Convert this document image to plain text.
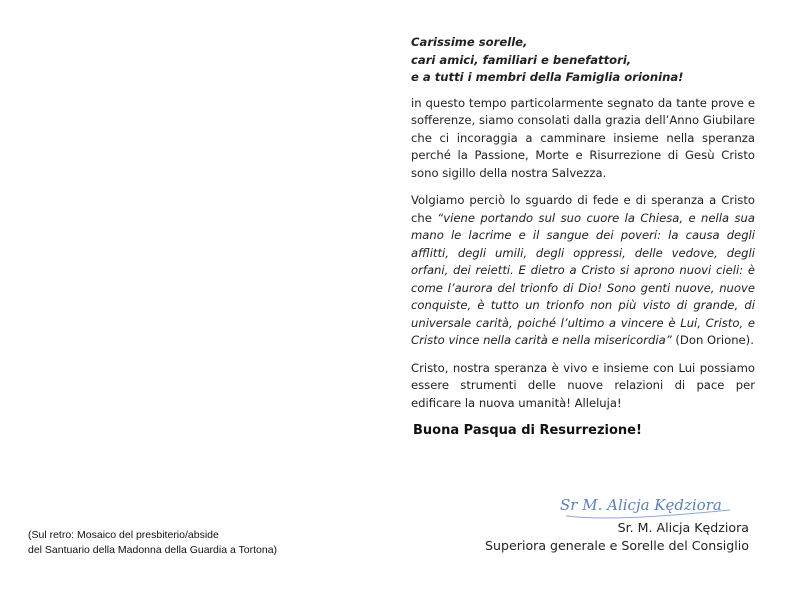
(Sul retro: Mosaico del presbiterio/abside
del Santuario della Madonna della Guardia a Tortona)
Carissime sorelle,
cari amici, familiari e benefattori,
e a tutti i membri della Famiglia orionina!

in questo tempo particolarmente segnato da tante prove e sofferenze, siamo consolati dalla grazia dell’Anno Giubilare che ci incoraggia a camminare insieme nella speranza perché la Passione, Morte e Risurrezione di Gesù Cristo sono sigillo della nostra Salvezza.

Volgiamo perciò lo sguardo di fede e di speranza a Cristo che “viene portando sul suo cuore la Chiesa, e nella sua mano le lacrime e il sangue dei poveri: la causa degli afflitti, degli umili, degli oppressi, delle vedove, degli orfani, dei reietti. E dietro a Cristo si aprono nuovi cieli: è come l’aurora del trionfo di Dio! Sono genti nuove, nuove conquiste, è tutto un trionfo non più visto di grande, di universale carità, poiché l’ultimo a vincere è Lui, Cristo, e Cristo vince nella carità e nella misericordia” (Don Orione).

Cristo, nostra speranza è vivo e insieme con Lui possiamo essere strumenti delle nuove relazioni di pace per edificare la nuova umanità! Alleluja!

Buona Pasqua di Resurrezione!
Sr M. Alicja Kędziora
Sr. M. Alicja Kędziora
Superiora generale e Sorelle del Consiglio
